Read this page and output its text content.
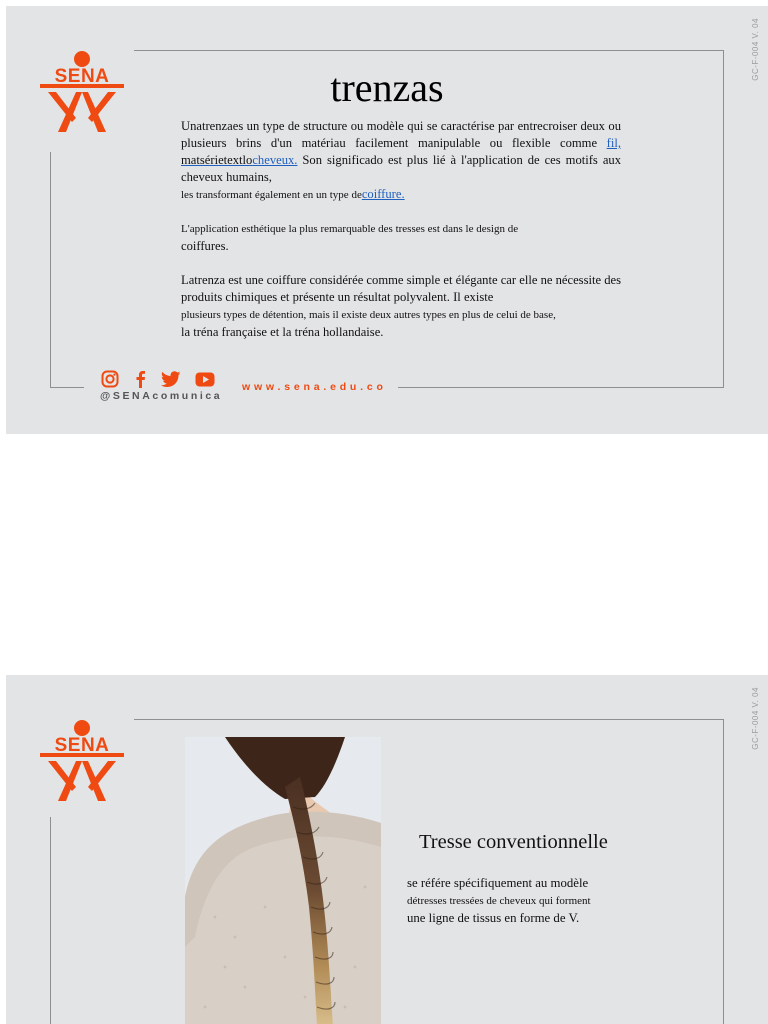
GC-F-004 V. 04
SENA	trenzas
Unatrenzaes un type de structure ou modèle qui se caractérise par entrecroiser deux ou plusieurs brins d'un matériau facilement manipulable ou flexible comme fil, matsérietextlocheveux. Son significado est plus lié à l'application de ces motifs aux cheveux humains,
les transformant également en un type decoiffure.
L'application esthétique la plus remarquable des tresses est dans le design de
coiffures.
Latrenza est une coiffure considérée comme simple et élégante car elle ne nécessite des produits chimiques et présente un résultat polyvalent. Il existe
plusieurs types de détention, mais il existe deux autres types en plus de celui de base,
la tréna française et la tréna hollandaise.
@SENAcomunica
www.sena.edu.co
GC-F-004 V. 04
SENA
Tresse conventionnelle
se référe spécifiquement au modèle
détresses tressées de cheveux qui forment
une ligne de tissus en forme de V.
